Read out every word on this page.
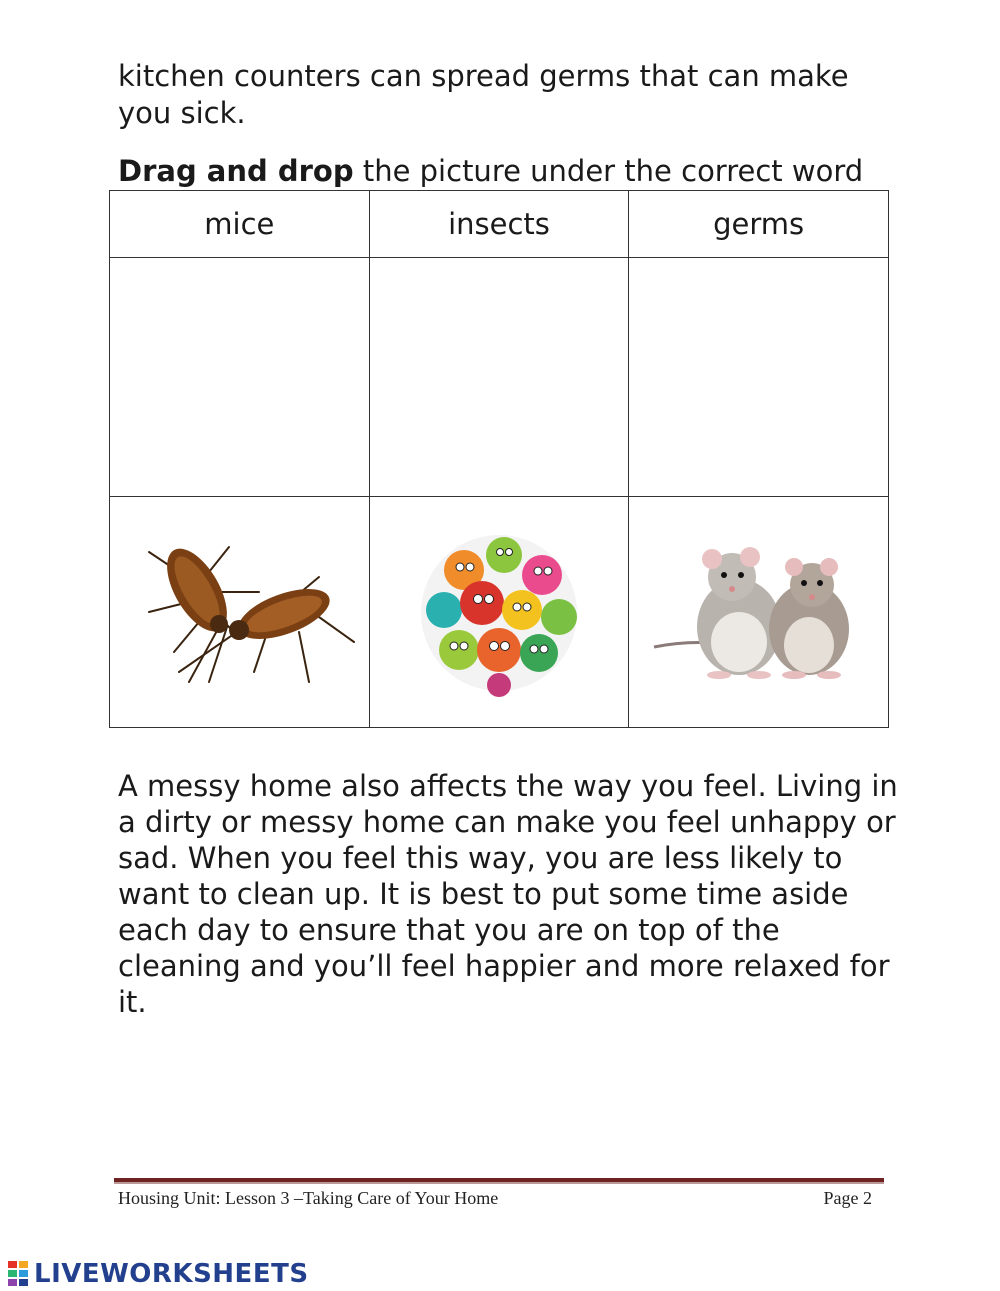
kitchen counters can spread germs that can make you sick.

Drag and drop the picture under the correct word

mice	insects	germs

A messy home also affects the way you feel. Living in a dirty or messy home can make you feel unhappy or sad. When you feel this way, you are less likely to want to clean up. It is best to put some time aside each day to ensure that you are on top of the cleaning and you’ll feel happier and more relaxed for it.

Housing Unit: Lesson 3 –Taking Care of Your Home	Page 2
LIVEWORKSHEETS
